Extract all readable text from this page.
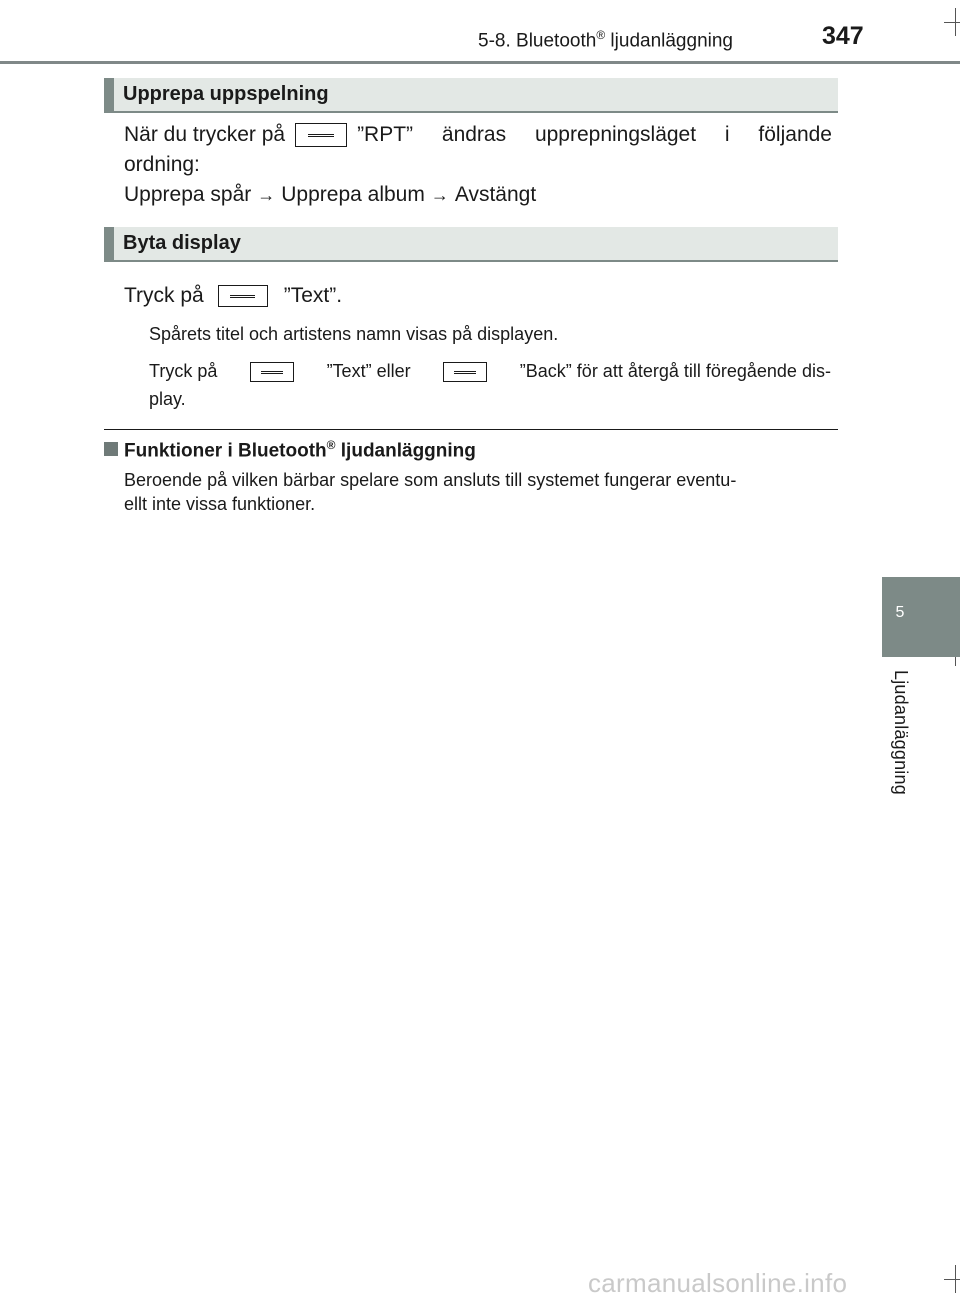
5-8. Bluetooth® ljudanläggning	347
5
Ljudanläggning
Upprepa uppspelning
När du trycker på	”RPT” ändras upprepningsläget i följande
ordning:
Upprepa spår → Upprepa album → Avstängt
Byta display
Tryck på	”Text”.
Spårets titel och artistens namn visas på displayen.
Tryck på	”Text” eller	”Back” för att återgå till föregående dis-
play.
Funktioner i Bluetooth® ljudanläggning
Beroende på vilken bärbar spelare som ansluts till systemet fungerar eventu-
ellt inte vissa funktioner.
carmanualsonline.info
